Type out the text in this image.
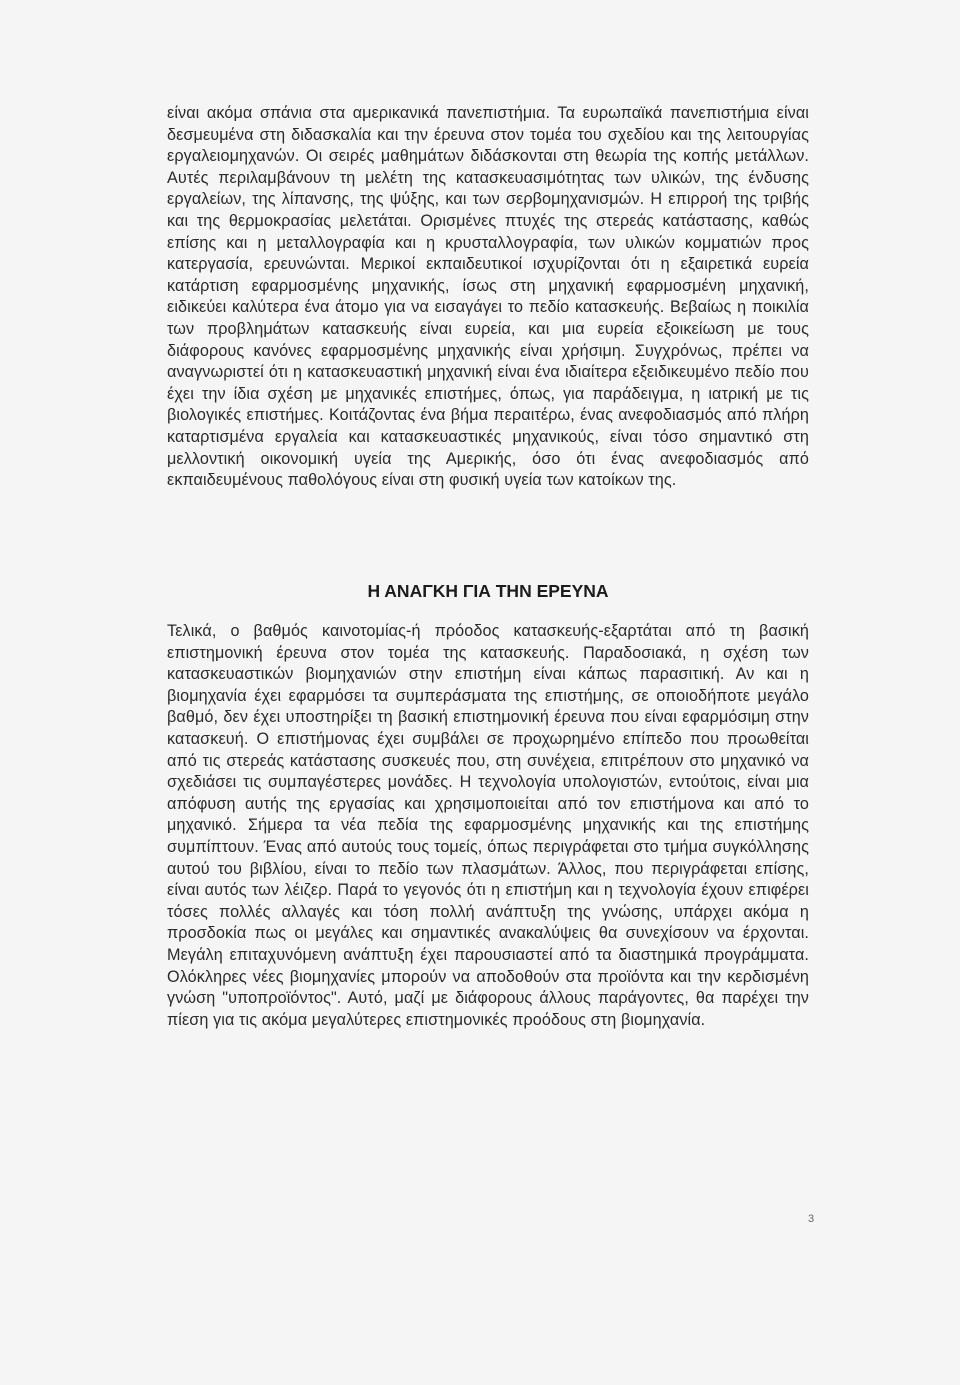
είναι ακόμα σπάνια στα αμερικανικά πανεπιστήμια. Τα ευρωπαϊκά πανεπιστήμια είναι δεσμευμένα στη διδασκαλία και την έρευνα στον τομέα του σχεδίου και της λειτουργίας εργαλειομηχανών. Οι σειρές μαθημάτων διδάσκονται στη θεωρία της κοπής μετάλλων. Αυτές περιλαμβάνουν τη μελέτη της κατασκευασιμότητας των υλικών, της ένδυσης εργαλείων, της λίπανσης, της ψύξης, και των σερβομηχανισμών. Η επιρροή της τριβής και της θερμοκρασίας μελετάται. Ορισμένες πτυχές της στερεάς κατάστασης, καθώς επίσης και η μεταλλογραφία και η κρυσταλλογραφία, των υλικών κομματιών προς κατεργασία, ερευνώνται. Μερικοί εκπαιδευτικοί ισχυρίζονται ότι η εξαιρετικά ευρεία κατάρτιση εφαρμοσμένης μηχανικής, ίσως στη μηχανική εφαρμοσμένη μηχανική, ειδικεύει καλύτερα ένα άτομο για να εισαγάγει το πεδίο κατασκευής. Βεβαίως η ποικιλία των προβλημάτων κατασκευής είναι ευρεία, και μια ευρεία εξοικείωση με τους διάφορους κανόνες εφαρμοσμένης μηχανικής είναι χρήσιμη. Συγχρόνως, πρέπει να αναγνωριστεί ότι η κατασκευαστική μηχανική είναι ένα ιδιαίτερα εξειδικευμένο πεδίο που έχει την ίδια σχέση με μηχανικές επιστήμες, όπως, για παράδειγμα, η ιατρική με τις βιολογικές επιστήμες. Κοιτάζοντας ένα βήμα περαιτέρω, ένας ανεφοδιασμός από πλήρη καταρτισμένα εργαλεία και κατασκευαστικές μηχανικούς, είναι τόσο σημαντικό στη μελλοντική οικονομική υγεία της Αμερικής, όσο ότι ένας ανεφοδιασμός από εκπαιδευμένους παθολόγους είναι στη φυσική υγεία των κατοίκων της.

Η ΑΝΑΓΚΗ ΓΙΑ ΤΗΝ ΕΡΕΥΝΑ

Τελικά, ο βαθμός καινοτομίας-ή πρόοδος κατασκευής-εξαρτάται από τη βασική επιστημονική έρευνα στον τομέα της κατασκευής. Παραδοσιακά, η σχέση των κατασκευαστικών βιομηχανιών στην επιστήμη είναι κάπως παρασιτική. Αν και η βιομηχανία έχει εφαρμόσει τα συμπεράσματα της επιστήμης, σε οποιοδήποτε μεγάλο βαθμό, δεν έχει υποστηρίξει τη βασική επιστημονική έρευνα που είναι εφαρμόσιμη στην κατασκευή. Ο επιστήμονας έχει συμβάλει σε προχωρημένο επίπεδο που προωθείται από τις στερεάς κατάστασης συσκευές που, στη συνέχεια, επιτρέπουν στο μηχανικό να σχεδιάσει τις συμπαγέστερες μονάδες. Η τεχνολογία υπολογιστών, εντούτοις, είναι μια απόφυση αυτής της εργασίας και χρησιμοποιείται από τον επιστήμονα και από το μηχανικό. Σήμερα τα νέα πεδία της εφαρμοσμένης μηχανικής και της επιστήμης συμπίπτουν. Ένας από αυτούς τους τομείς, όπως περιγράφεται στο τμήμα συγκόλλησης αυτού του βιβλίου, είναι το πεδίο των πλασμάτων. Άλλος, που περιγράφεται επίσης, είναι αυτός των λέιζερ. Παρά το γεγονός ότι η επιστήμη και η τεχνολογία έχουν επιφέρει τόσες πολλές αλλαγές και τόση πολλή ανάπτυξη της γνώσης, υπάρχει ακόμα η προσδοκία πως οι μεγάλες και σημαντικές ανακαλύψεις θα συνεχίσουν να έρχονται. Μεγάλη επιταχυνόμενη ανάπτυξη έχει παρουσιαστεί από τα διαστημικά προγράμματα. Ολόκληρες νέες βιομηχανίες μπορούν να αποδοθούν στα προϊόντα και την κερδισμένη γνώση "υποπροϊόντος". Αυτό, μαζί με διάφορους άλλους παράγοντες, θα παρέχει την πίεση για τις ακόμα μεγαλύτερες επιστημονικές προόδους στη βιομηχανία.

3
